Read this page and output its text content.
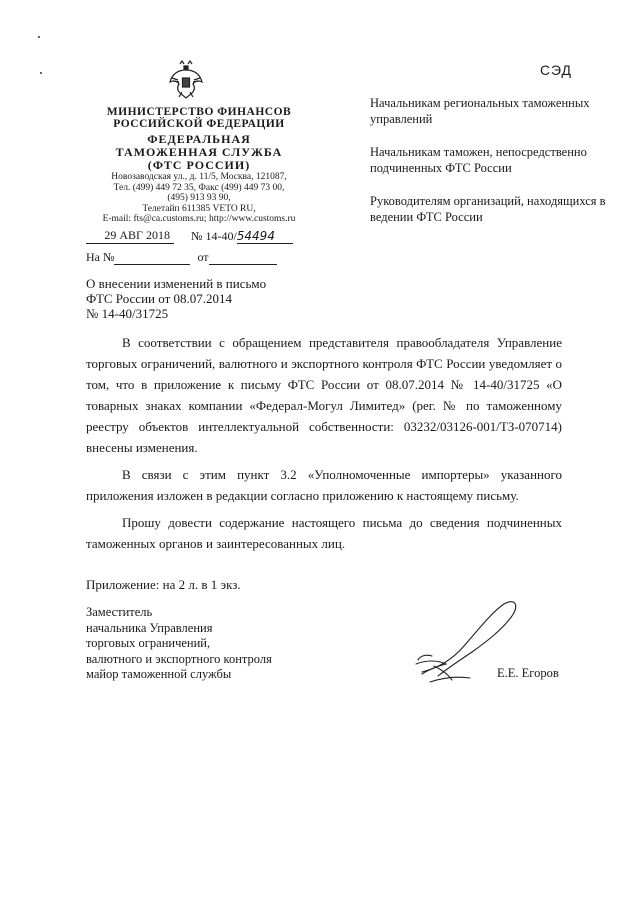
СЭД
МИНИСТЕРСТВО ФИНАНСОВ
РОССИЙСКОЙ ФЕДЕРАЦИИ
ФЕДЕРАЛЬНАЯ
ТАМОЖЕННАЯ СЛУЖБА
(ФТС РОССИИ)
Новозаводская ул., д. 11/5, Москва, 121087,
Тел. (499) 449 72 35, Факс (499) 449 73 00,
(495) 913 93 90,
Телетайп 611385 VETO RU,
E-mail: fts@ca.customs.ru; http://www.customs.ru
29 АВГ 2018 № 14-40/54494
На №	от
Начальникам региональных таможенных управлений
Начальникам таможен, непосредственно подчиненных ФТС России
Руководителям организаций, находящихся в ведении ФТС России
О внесении изменений в письмо
ФТС России от 08.07.2014
№ 14-40/31725

В соответствии с обращением представителя правообладателя Управление торговых ограничений, валютного и экспортного контроля ФТС России уведомляет о том, что в приложение к письму ФТС России от 08.07.2014 № 14-40/31725 «О товарных знаках компании «Федерал-Могул Лимитед» (рег. № по таможенному реестру объектов интеллектуальной собственности: 03232/03126-001/ТЗ-070714) внесены изменения.

В связи с этим пункт 3.2 «Уполномоченные импортеры» указанного приложения изложен в редакции согласно приложению к настоящему письму.

Прошу довести содержание настоящего письма до сведения подчиненных таможенных органов и заинтересованных лиц.

Приложение: на 2 л. в 1 экз.
Заместитель
начальника Управления
торговых ограничений,
валютного и экспортного контроля
майор таможенной службы	Е.Е. Егоров
